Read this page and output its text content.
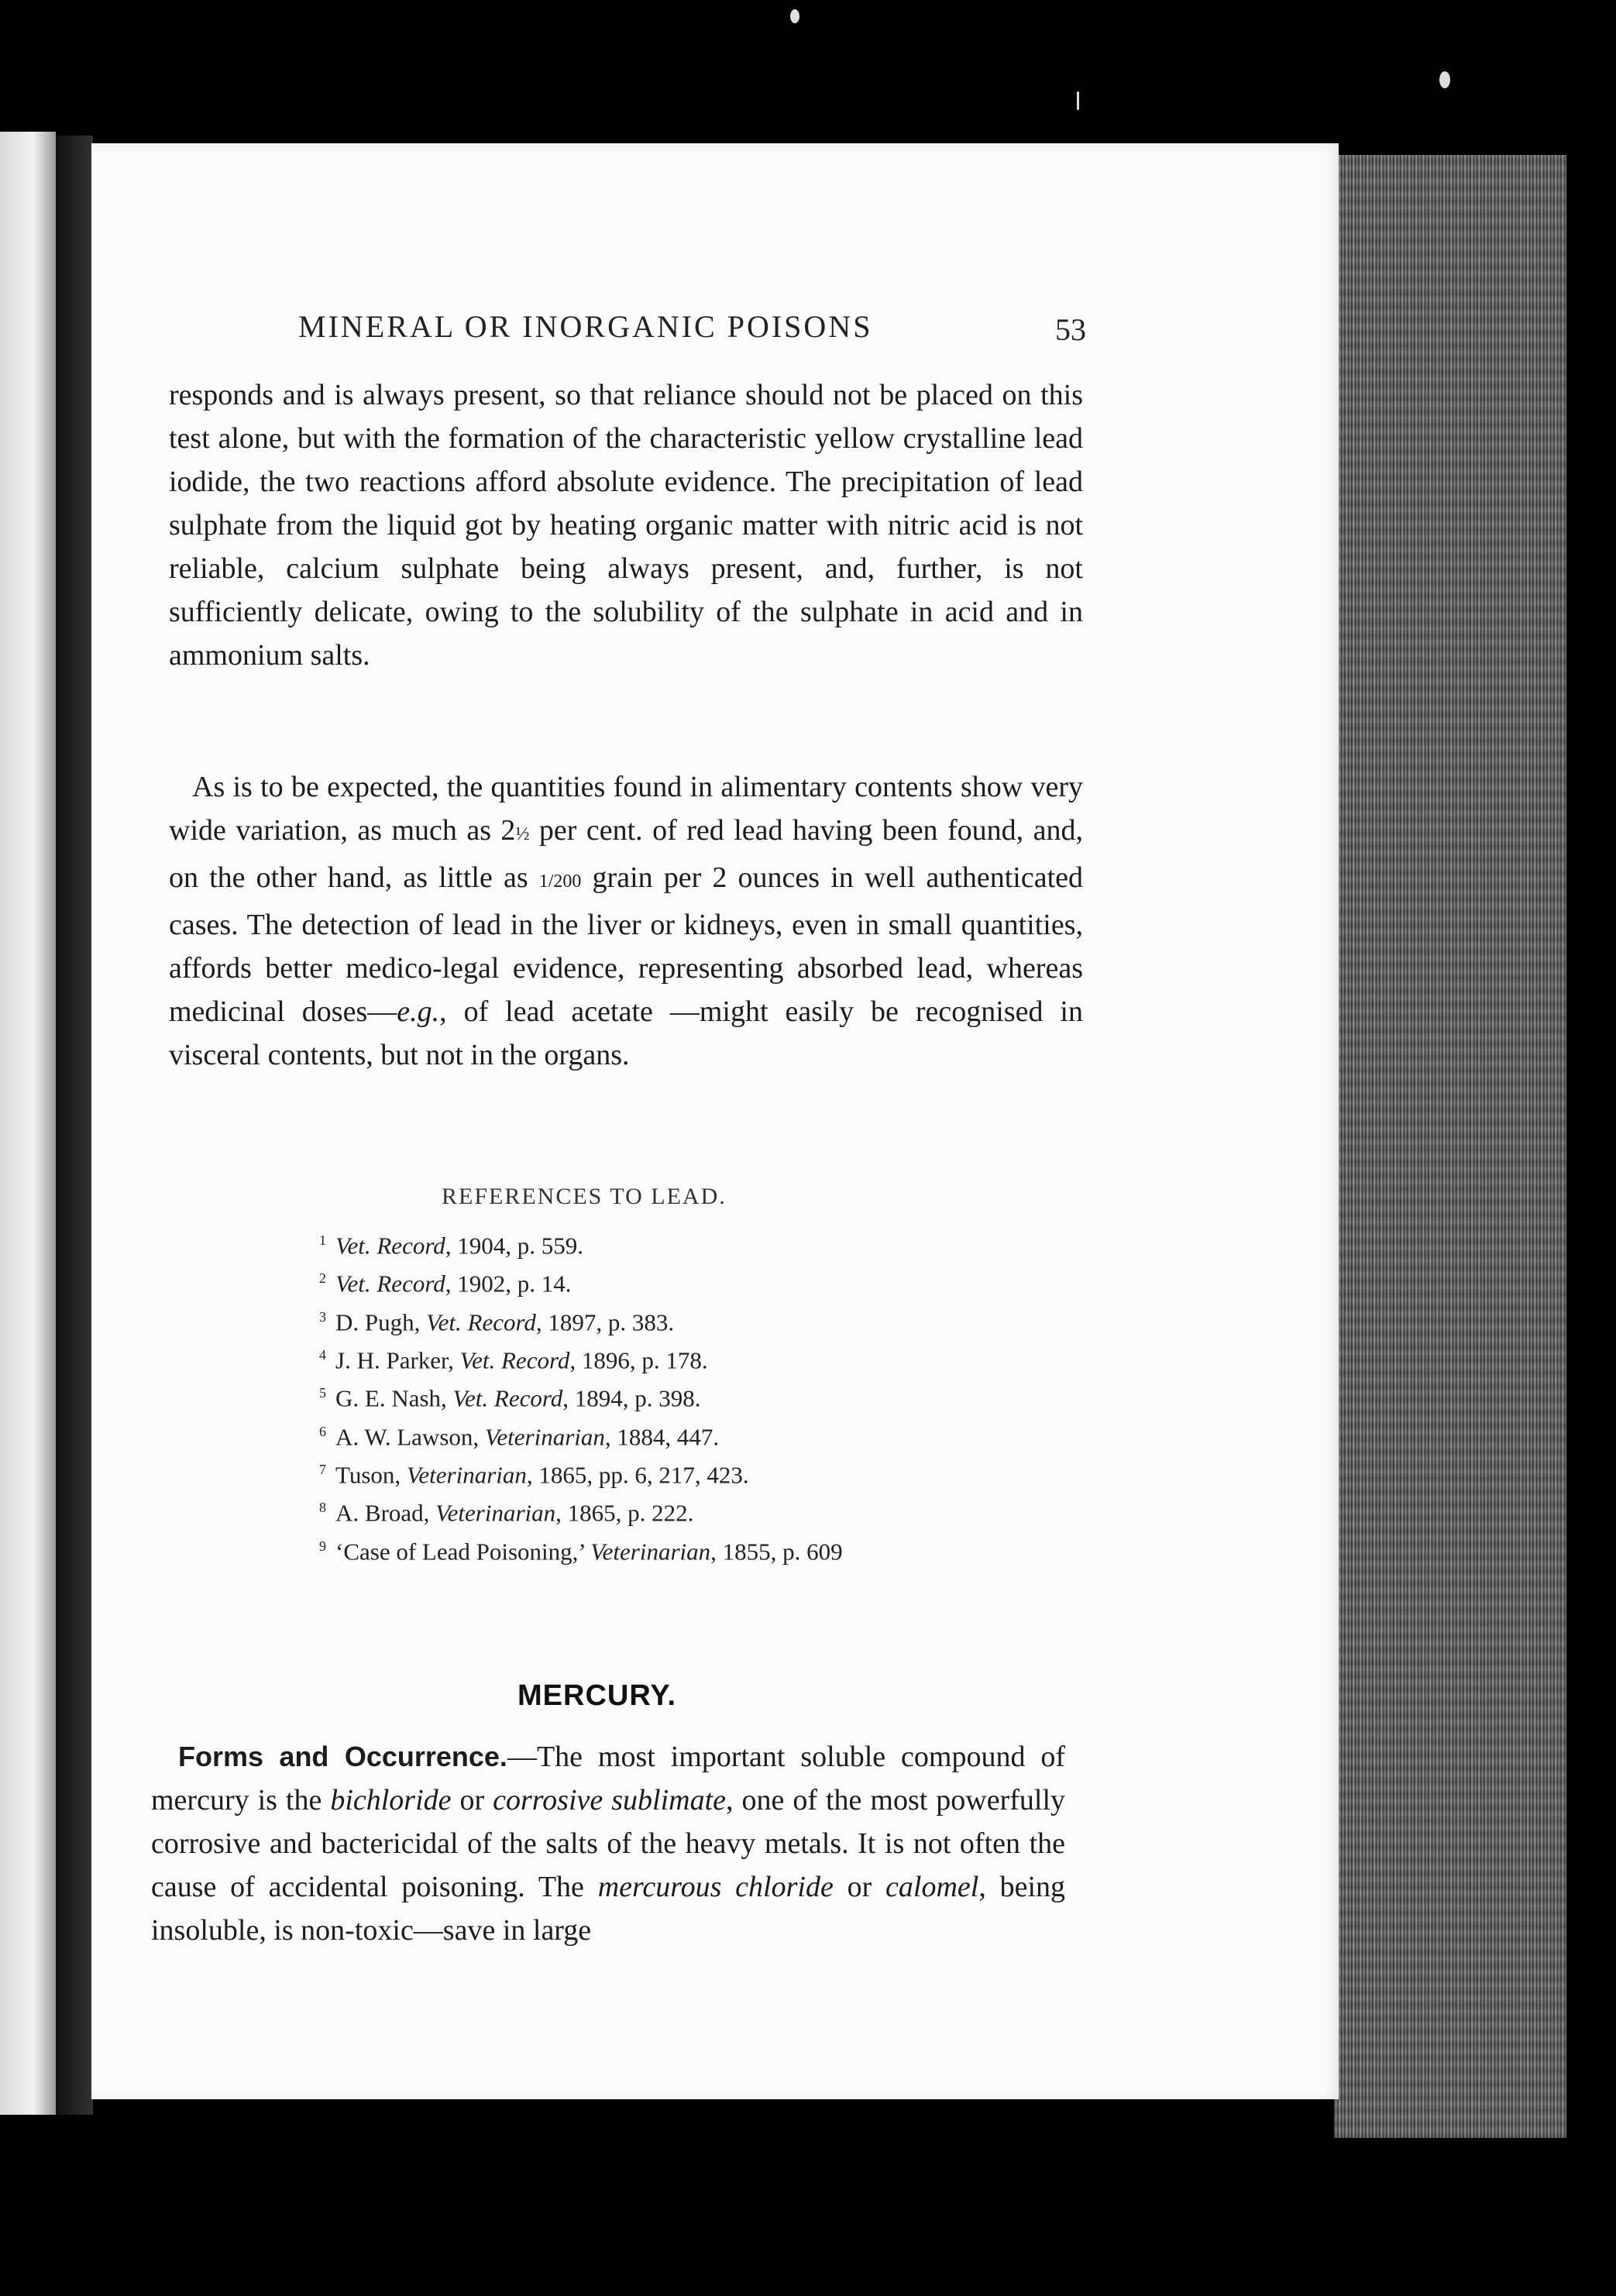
MINERAL OR INORGANIC POISONS	53

responds and is always present, so that reliance should not be placed on this test alone, but with the formation of the characteristic yellow crystalline lead iodide, the two reactions afford absolute evidence. The precipitation of lead sulphate from the liquid got by heating organic matter with nitric acid is not reliable, calcium sulphate being always present, and, further, is not sufficiently delicate, owing to the solubility of the sulphate in acid and in ammonium salts.

As is to be expected, the quantities found in alimentary contents show very wide variation, as much as 2½ per cent. of red lead having been found, and, on the other hand, as little as 1/200 grain per 2 ounces in well authenticated cases. The detection of lead in the liver or kidneys, even in small quantities, affords better medico-legal evidence, representing absorbed lead, whereas medicinal doses—e.g., of lead acetate —might easily be recognised in visceral contents, but not in the organs.

REFERENCES TO LEAD.
$^1$ Vet. Record, 1904, p. 559.
$^2$ Vet. Record, 1902, p. 14.
$^3$ D. Pugh, Vet. Record, 1897, p. 383.
$^4$ J. H. Parker, Vet. Record, 1896, p. 178.
$^5$ G. E. Nash, Vet. Record, 1894, p. 398.
$^6$ A. W. Lawson, Veterinarian, 1884, 447.
$^7$ Tuson, Veterinarian, 1865, pp. 6, 217, 423.
$^8$ A. Broad, Veterinarian, 1865, p. 222.
$^9$ ‘Case of Lead Poisoning,’ Veterinarian, 1855, p. 609
MERCURY.

Forms and Occurrence.—The most important soluble compound of mercury is the bichloride or corrosive sublimate, one of the most powerfully corrosive and bactericidal of the salts of the heavy metals. It is not often the cause of accidental poisoning. The mercurous chloride or calomel, being insoluble, is non-toxic—save in large
